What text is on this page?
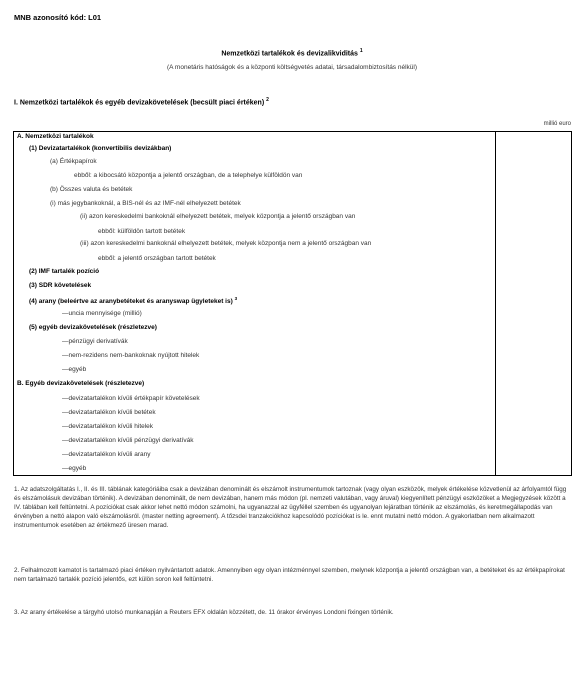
MNB azonosító kód: L01
Nemzetközi tartalékok és devizalikviditás $^1$
(A monetáris hatóságok és a központi költségvetés adatai, társadalombiztosítás nélkül)
I. Nemzetközi tartalékok és egyéb devizakövetelések (becsült piaci értéken) $^2$
millió euro
A. Nemzetközi tartalékok
(1) Devizatartalékok (konvertibilis devizákban)
(a) Értékpapírok
ebből: a kibocsátó központja a jelentő országban, de a telephelye külföldön van
(b) Összes valuta és betétek
(i) más jegybankoknál, a BIS-nél és az IMF-nél elhelyezett betétek
(ii) azon kereskedelmi bankoknál elhelyezett betétek, melyek központja a jelentő országban van
ebből: külföldön tartott betétek
(iii) azon kereskedelmi bankoknál elhelyezett betétek, melyek központja nem a jelentő országban van
ebből: a jelentő országban tartott betétek
(2) IMF tartalék pozíció
(3) SDR követelések
(4) arany (beleértve az aranybetéteket és aranyswap ügyleteket is) $^3$
—uncia mennyisége (millió)
(5) egyéb devizakövetelések (részletezve)
—pénzügyi derivatívák
—nem-rezidens nem-bankoknak nyújtott hitelek
—egyéb
B. Egyéb devizakövetelések (részletezve)
—devizatartalékon kívüli értékpapír követelések
—devizatartalékon kívüli betétek
—devizatartalékon kívüli hitelek
—devizatartalékon kívüli pénzügyi derivatívák
—devizatartalékon kívüli arany
—egyéb
1. Az adatszolgáltatás I., II. és III. táblának kategóriáiba csak a devizában denominált és elszámolt instrumentumok tartoznak (vagy olyan eszközök, melyek értékelése közvetlenül az árfolyamtól függ és elszámolásuk devizában történik). A devizában denominált, de nem devizában, hanem más módon (pl. nemzeti valutában, vagy áruval) kiegyenlített pénzügyi eszközöket a Megjegyzések között a IV. táblában kell feltüntetni. A pozíciókat csak akkor lehet nettó módon számolni, ha ugyanazzal az ügyféllel szemben és ugyanolyan lejáratban történik az elszámolás, és keretmegállapodás van érvényben a nettó alapon való elszámolásról. (master netting agreement). A tőzsdei tranzakciókhoz kapcsolódó pozíciókat is le. ennt mutatni nettó módon. A gyakorlatban nem alkalmazott instrumentumok esetében az értékmező üresen marad.
2. Felhalmozott kamatot is tartalmazó piaci értéken nyilvántartott adatok. Amennyiben egy olyan intézménnyel szemben, melynek központja a jelentő országban van, a betéteket és az értékpapírokat nem tartalmazó tartalék pozíció jelentős, ezt külön soron kell feltüntetni.
3. Az arany értékelése a tárgyhó utolsó munkanapján a Reuters EFX oldalán közzétett, de. 11 órakor érvényes Londoni fixingen történik.
